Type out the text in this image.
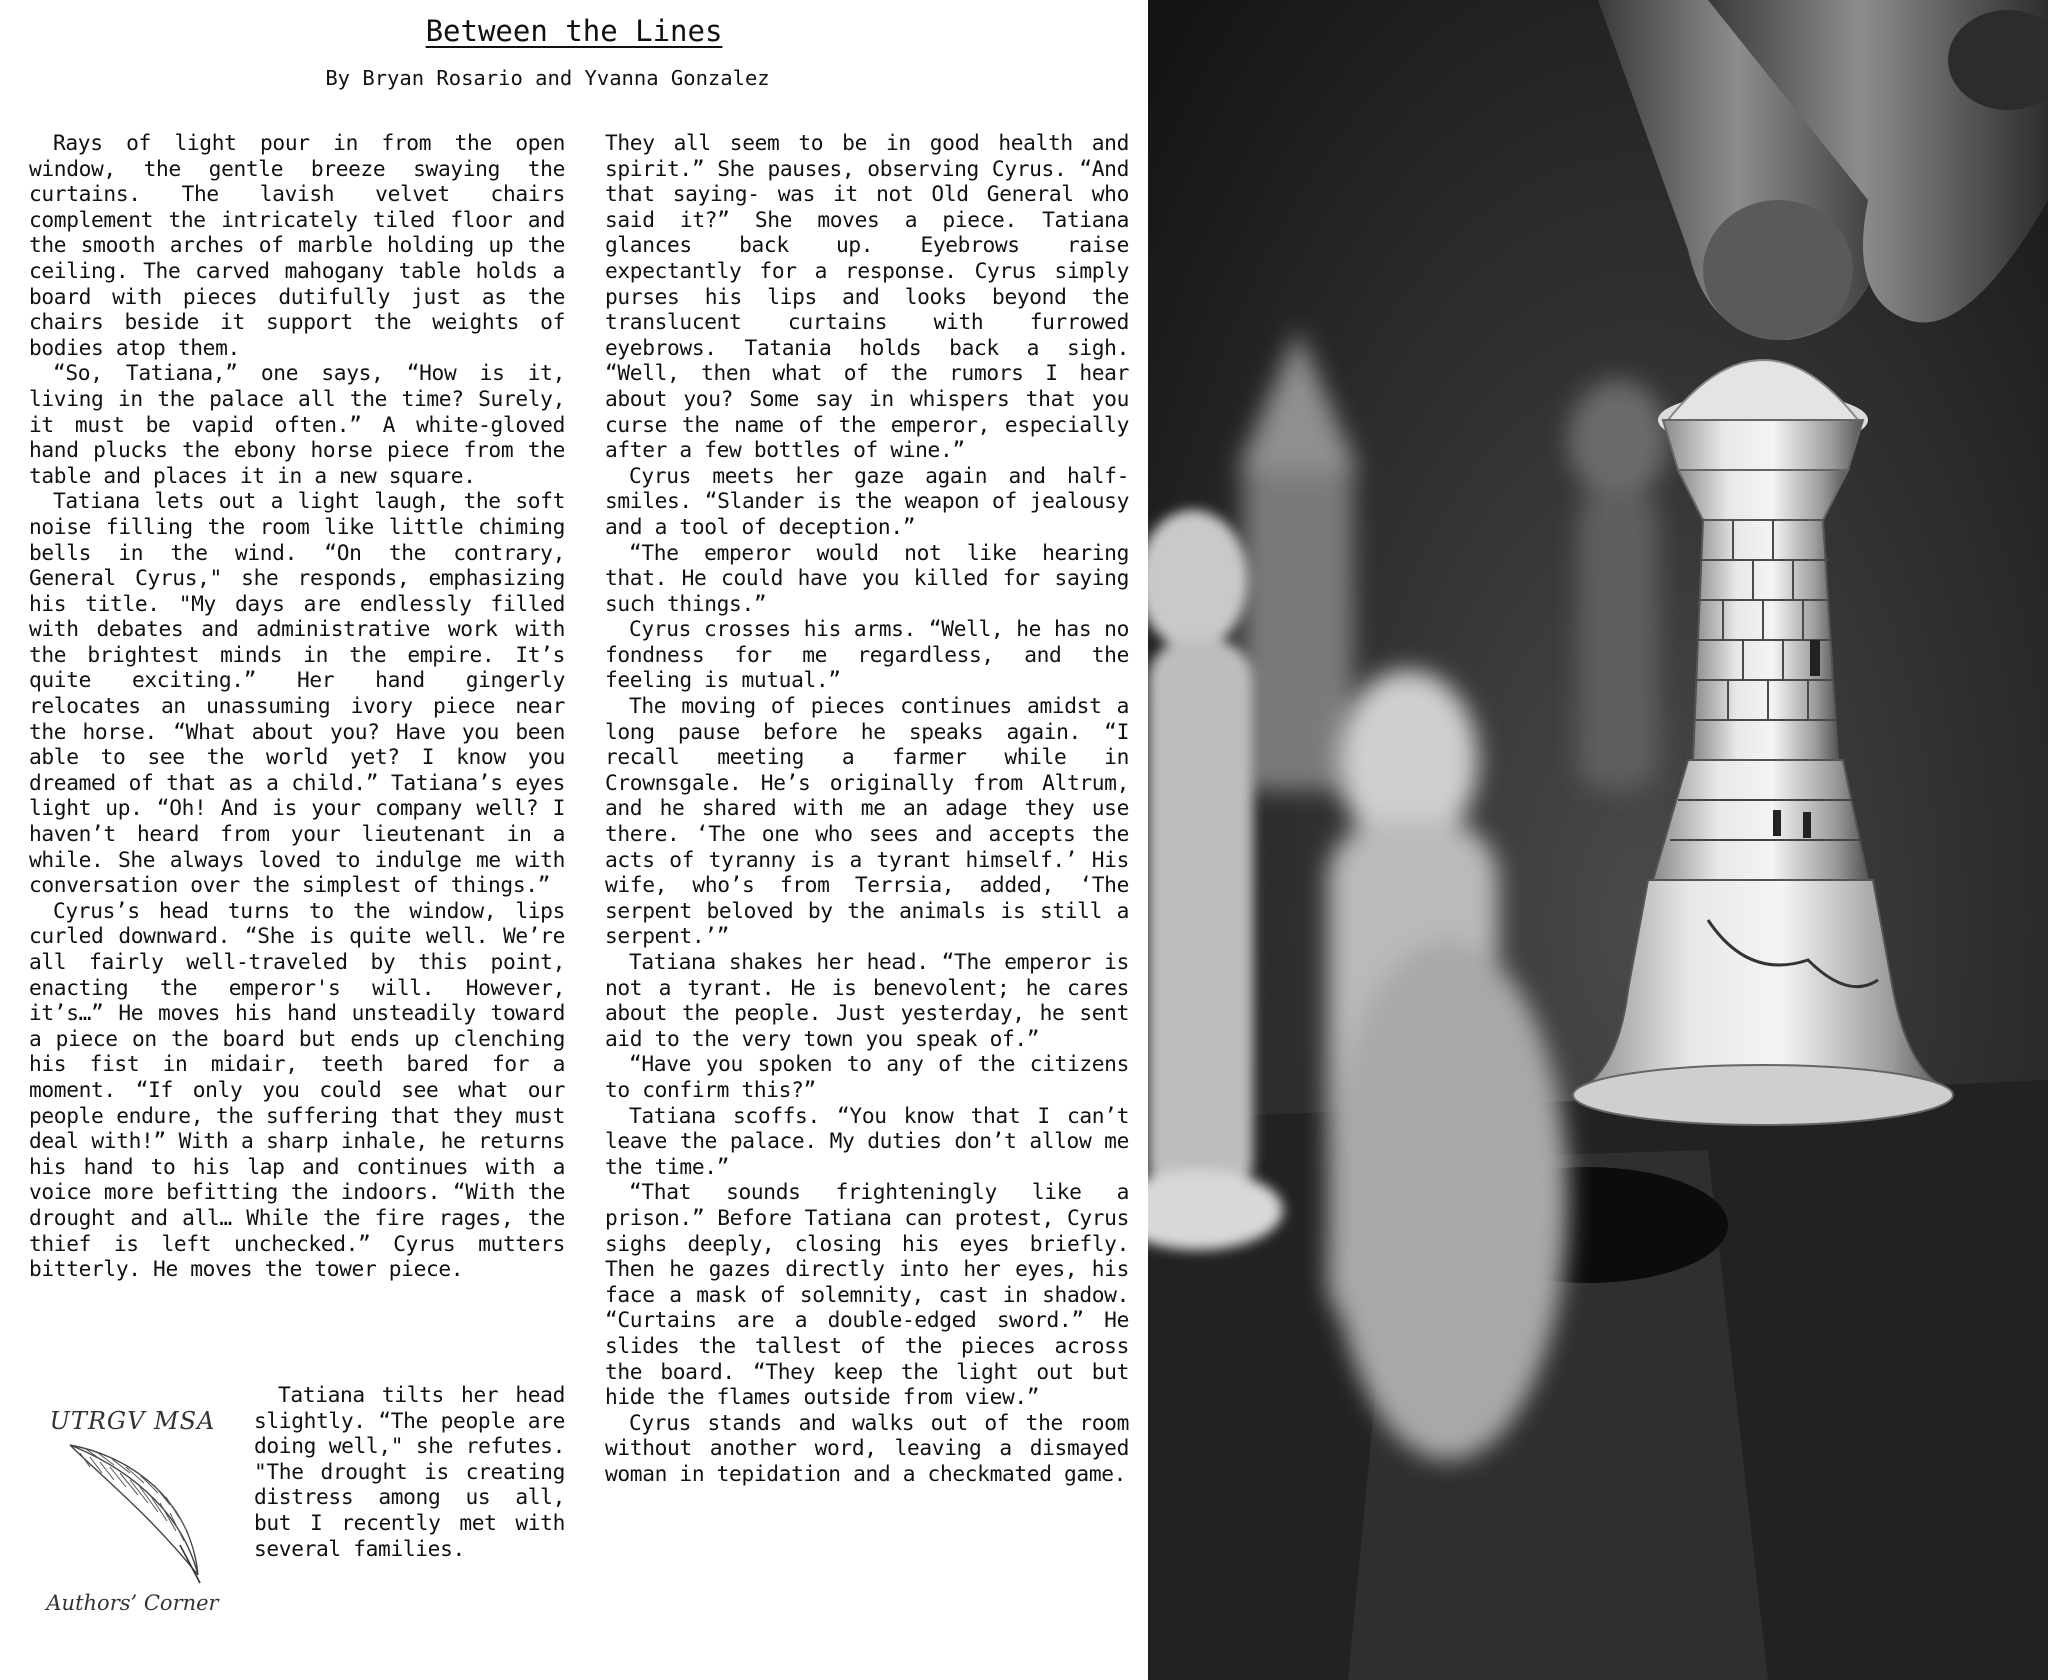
Between the Lines
By Bryan Rosario and Yvanna Gonzalez

Rays of light pour in from the open window, the gentle breeze swaying the curtains. The lavish velvet chairs complement the intricately tiled floor and the smooth arches of marble holding up the ceiling. The carved mahogany table holds a board with pieces dutifully just as the chairs beside it support the weights of bodies atop them.

“So, Tatiana,” one says, “How is it, living in the palace all the time? Surely, it must be vapid often.” A white-gloved hand plucks the ebony horse piece from the table and places it in a new square.

Tatiana lets out a light laugh, the soft noise filling the room like little chiming bells in the wind. “On the contrary, General Cyrus," she responds, emphasizing his title. "My days are endlessly filled with debates and administrative work with the brightest minds in the empire. It’s quite exciting.” Her hand gingerly relocates an unassuming ivory piece near the horse. “What about you? Have you been able to see the world yet? I know you dreamed of that as a child.” Tatiana’s eyes light up. “Oh! And is your company well? I haven’t heard from your lieutenant in a while. She always loved to indulge me with conversation over the simplest of things.”

Cyrus’s head turns to the window, lips curled downward. “She is quite well. We’re all fairly well-traveled by this point, enacting the emperor's will. However, it’s…” He moves his hand unsteadily toward a piece on the board but ends up clenching his fist in midair, teeth bared for a moment. “If only you could see what our people endure, the suffering that they must deal with!” With a sharp inhale, he returns his hand to his lap and continues with a voice more befitting the indoors. “With the drought and all… While the fire rages, the thief is left unchecked.” Cyrus mutters bitterly. He moves the tower piece.

Tatiana tilts her head slightly. “The people are doing well," she refutes. "The drought is creating distress among us all, but I recently met with several families.

UTRGV MSA
Authors’ Corner

They all seem to be in good health and spirit.” She pauses, observing Cyrus. “And that saying- was it not Old General who said it?” She moves a piece. Tatiana glances back up. Eyebrows raise expectantly for a response. Cyrus simply purses his lips and looks beyond the translucent curtains with furrowed eyebrows. Tatania holds back a sigh. “Well, then what of the rumors I hear about you? Some say in whispers that you curse the name of the emperor, especially after a few bottles of wine.”

Cyrus meets her gaze again and half-smiles. “Slander is the weapon of jealousy and a tool of deception.”

“The emperor would not like hearing that. He could have you killed for saying such things.”

Cyrus crosses his arms. “Well, he has no fondness for me regardless, and the feeling is mutual.”

The moving of pieces continues amidst a long pause before he speaks again. “I recall meeting a farmer while in Crownsgale. He’s originally from Altrum, and he shared with me an adage they use there. ‘The one who sees and accepts the acts of tyranny is a tyrant himself.’ His wife, who’s from Terrsia, added, ‘The serpent beloved by the animals is still a serpent.’”

Tatiana shakes her head. “The emperor is not a tyrant. He is benevolent; he cares about the people. Just yesterday, he sent aid to the very town you speak of.”

“Have you spoken to any of the citizens to confirm this?”

Tatiana scoffs. “You know that I can’t leave the palace. My duties don’t allow me the time.”

“That sounds frighteningly like a prison.” Before Tatiana can protest, Cyrus sighs deeply, closing his eyes briefly. Then he gazes directly into her eyes, his face a mask of solemnity, cast in shadow. “Curtains are a double-edged sword.” He slides the tallest of the pieces across the board. “They keep the light out but hide the flames outside from view.”

Cyrus stands and walks out of the room without another word, leaving a dismayed woman in tepidation and a checkmated game.
